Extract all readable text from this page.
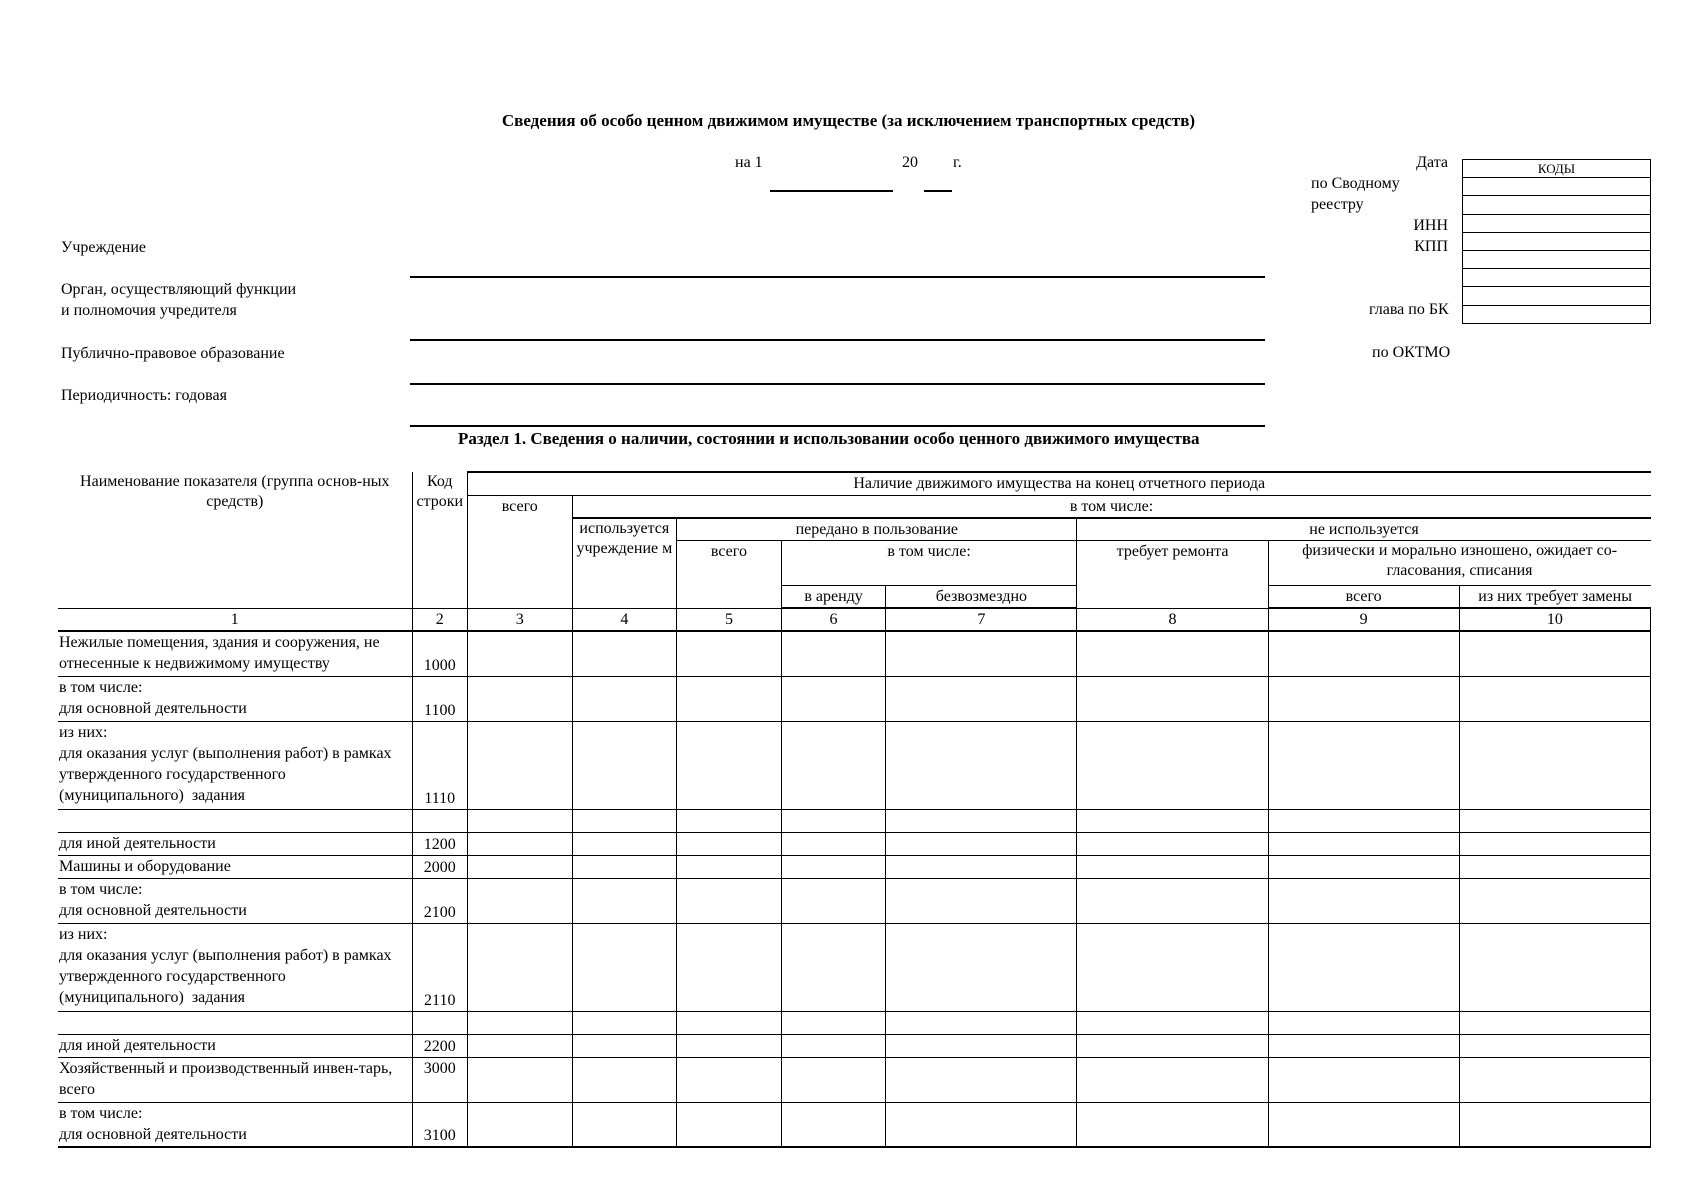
Сведения об особо ценном движимом имуществе (за исключением транспортных средств)
на 1	20 г.	Дата
по Сводному
реестру
ИНН
КПП
глава по БК
по ОКТМО
КОДЫ

Учреждение
Орган, осуществляющий функции
и полномочия учредителя
Публично-правовое образование
Периодичность: годовая
Раздел 1. Сведения о наличии, состоянии и использовании особо ценного движимого имущества
Наименование показателя (группа основ-ных средств)	Код строки	Наличие движимого имущества на конец отчетного периода							
		всего	в том числе:						
			используется учреждение м	передано в пользование			не используется		
				всего	в том числе:		требует ремонта	физически и морально изношено, ожидает со-гласования, списания	
					в аренду	безвозмездно		всего	из них требует замены
1	2	3	4	5	6	7	8	9	10
Нежилые помещения, здания и сооружения, не отнесенные к недвижимому имуществу	1000								
в том числе:
для основной деятельности	1100								
из них:
для оказания услуг (выполнения работ) в рамках  утвержденного государственного (муниципального)  задания	1110								

для иной деятельности	1200								
Машины и оборудование	2000								
в том числе:
для основной деятельности	2100								
из них:
для оказания услуг (выполнения работ) в рамках  утвержденного государственного (муниципального)  задания	2110								

для иной деятельности	2200								
Хозяйственный и производственный инвен-тарь, всего	3000								
в том числе:
для основной деятельности	3100								
